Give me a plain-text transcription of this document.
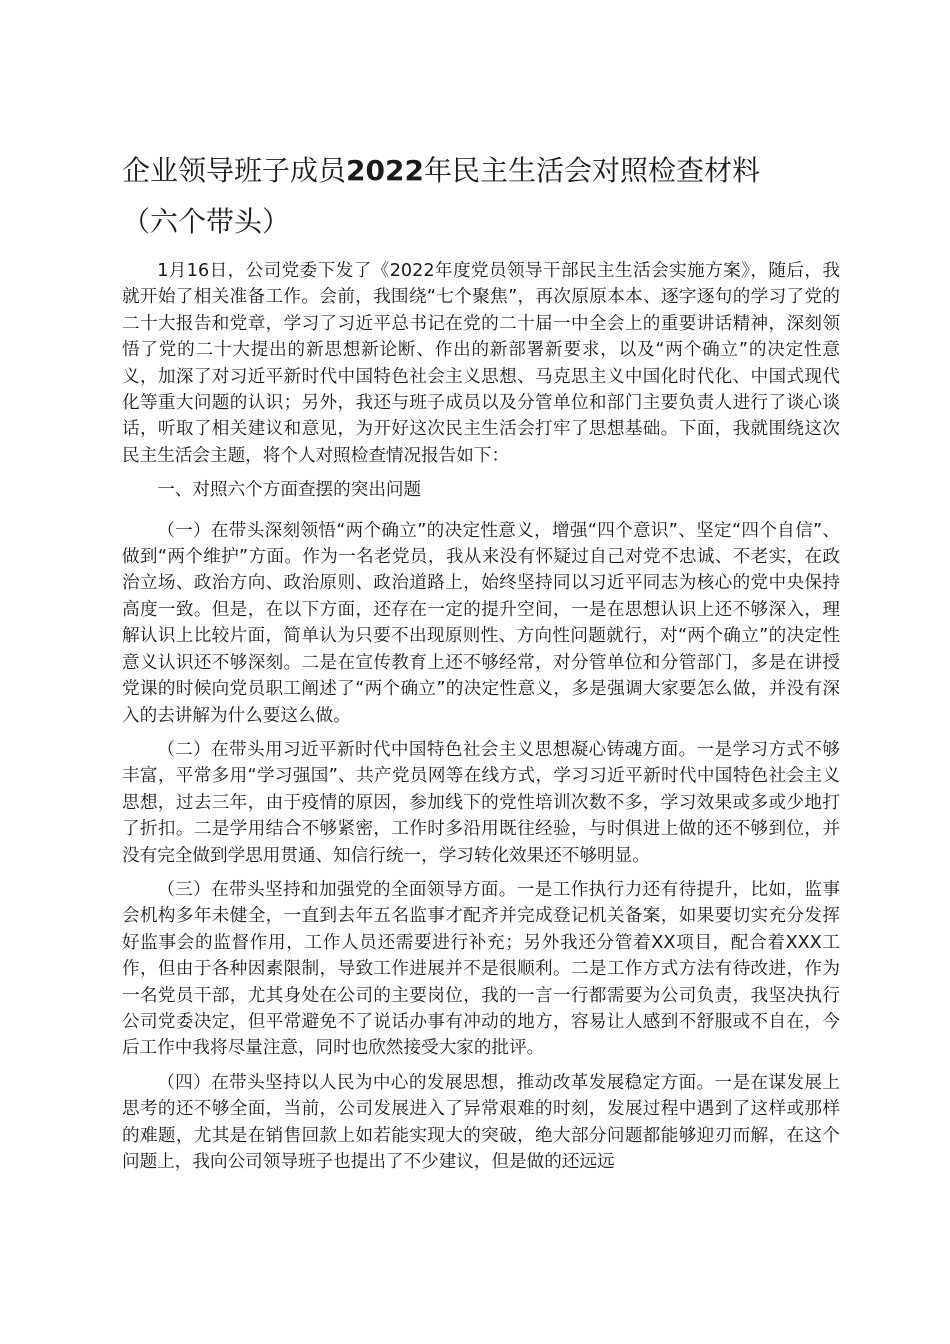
企业领导班子成员2022年民主生活会对照检查材料
（六个带头）

1月16日，公司党委下发了《2022年度党员领导干部民主生活会实施方案》，随后，我就开始了相关准备工作。会前，我围绕“七个聚焦”，再次原原本本、逐字逐句的学习了党的二十大报告和党章，学习了习近平总书记在党的二十届一中全会上的重要讲话精神，深刻领悟了党的二十大提出的新思想新论断、作出的新部署新要求，以及“两个确立”的决定性意义，加深了对习近平新时代中国特色社会主义思想、马克思主义中国化时代化、中国式现代化等重大问题的认识；另外，我还与班子成员以及分管单位和部门主要负责人进行了谈心谈话，听取了相关建议和意见，为开好这次民主生活会打牢了思想基础。下面，我就围绕这次民主生活会主题，将个人对照检查情况报告如下：

一、对照六个方面查摆的突出问题

（一）在带头深刻领悟“两个确立”的决定性意义，增强“四个意识”、坚定“四个自信”、做到“两个维护”方面。作为一名老党员，我从来没有怀疑过自己对党不忠诚、不老实，在政治立场、政治方向、政治原则、政治道路上，始终坚持同以习近平同志为核心的党中央保持高度一致。但是，在以下方面，还存在一定的提升空间，一是在思想认识上还不够深入，理解认识上比较片面，简单认为只要不出现原则性、方向性问题就行，对“两个确立”的决定性意义认识还不够深刻。二是在宣传教育上还不够经常，对分管单位和分管部门，多是在讲授党课的时候向党员职工阐述了“两个确立”的决定性意义，多是强调大家要怎么做，并没有深入的去讲解为什么要这么做。

（二）在带头用习近平新时代中国特色社会主义思想凝心铸魂方面。一是学习方式不够丰富，平常多用“学习强国”、共产党员网等在线方式，学习习近平新时代中国特色社会主义思想，过去三年，由于疫情的原因，参加线下的党性培训次数不多，学习效果或多或少地打了折扣。二是学用结合不够紧密，工作时多沿用既往经验，与时俱进上做的还不够到位，并没有完全做到学思用贯通、知信行统一，学习转化效果还不够明显。

（三）在带头坚持和加强党的全面领导方面。一是工作执行力还有待提升，比如，监事会机构多年未健全，一直到去年五名监事才配齐并完成登记机关备案，如果要切实充分发挥好监事会的监督作用，工作人员还需要进行补充；另外我还分管着XX项目，配合着XXX工作，但由于各种因素限制，导致工作进展并不是很顺利。二是工作方式方法有待改进，作为一名党员干部，尤其身处在公司的主要岗位，我的一言一行都需要为公司负责，我坚决执行公司党委决定，但平常避免不了说话办事有冲动的地方，容易让人感到不舒服或不自在，今后工作中我将尽量注意，同时也欣然接受大家的批评。

（四）在带头坚持以人民为中心的发展思想，推动改革发展稳定方面。一是在谋发展上思考的还不够全面，当前，公司发展进入了异常艰难的时刻，发展过程中遇到了这样或那样的难题，尤其是在销售回款上如若能实现大的突破，绝大部分问题都能够迎刃而解，在这个问题上，我向公司领导班子也提出了不少建议，但是做的还远远
